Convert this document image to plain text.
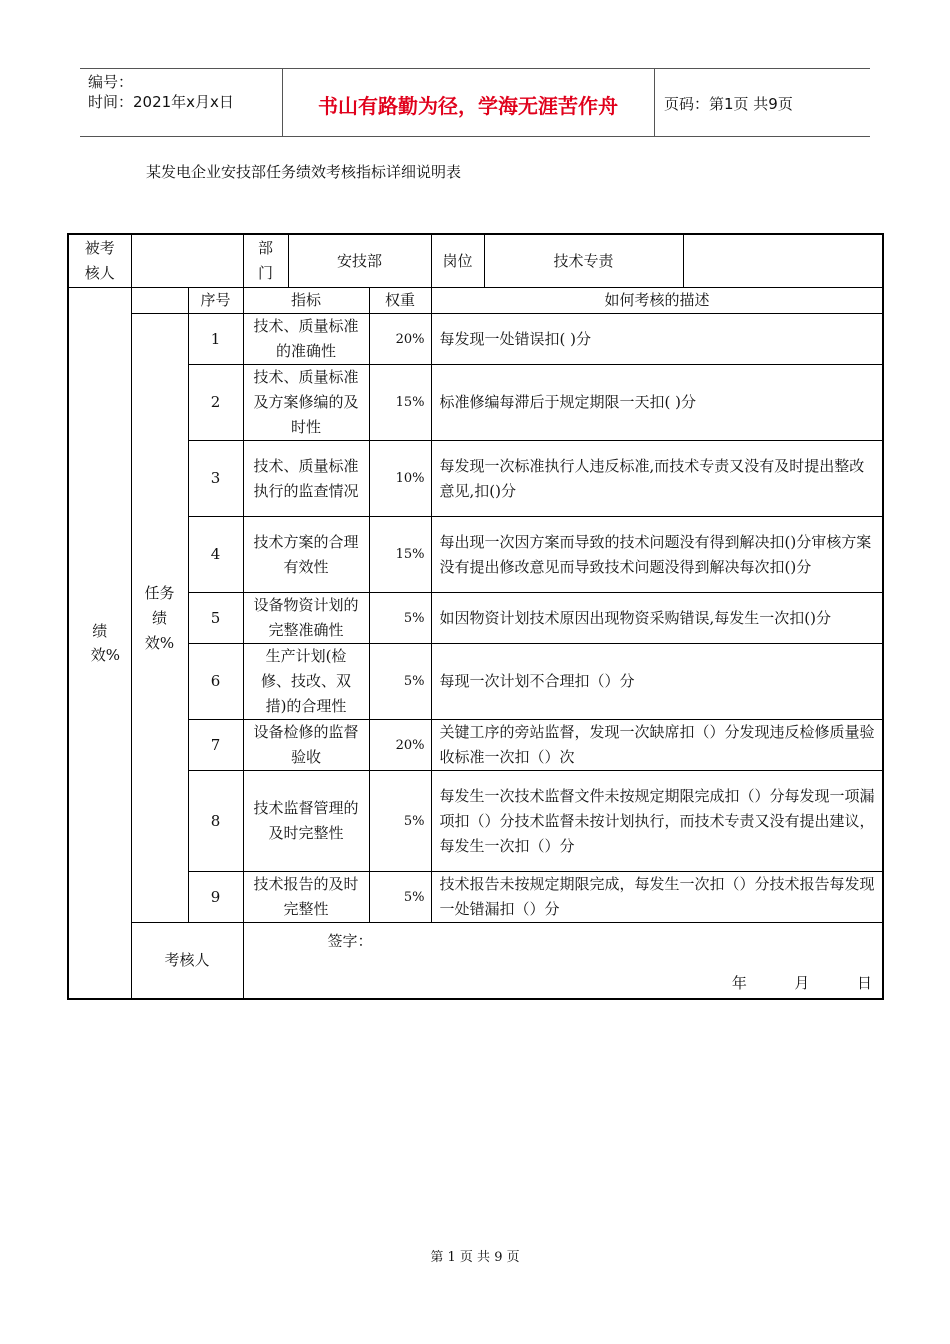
编号：
时间：2021年x月x日	书山有路勤为径，学海无涯苦作舟	页码：第1页 共9页
某发电企业安技部任务绩效考核指标详细说明表
被考核人			部门	安技部		岗位 技术专责	

绩效%		序号	指标		权重	如何考核的描述	

	任务绩效%	1	技术、质量标准的准确性		20%	每发现一处错误扣( )分	
		2	技术、质量标准及方案修编的及时性		15%	标准修编每滞后于规定期限一天扣( )分	
		3	技术、质量标准执行的监查情况		10%	每发现一次标准执行人违反标准,而技术专责又没有及时提出整改意见,扣()分	
		4	技术方案的合理有效性		15%	每出现一次因方案而导致的技术问题没有得到解决扣()分审核方案没有提出修改意见而导致技术问题没得到解决每次扣()分	
		5	设备物资计划的完整准确性		5%	如因物资计划技术原因出现物资采购错误,每发生一次扣()分	
		6	生产计划(检修、技改、双措)的合理性		5%	每现一次计划不合理扣（）分	
		7	设备检修的监督验收		20%	关键工序的旁站监督，发现一次缺席扣（）分发现违反检修质量验收标准一次扣（）次	
		8	技术监督管理的及时完整性		5%	每发生一次技术监督文件未按规定期限完成扣（）分每发现一项漏项扣（）分技术监督未按计划执行，而技术专责又没有提出建议，每发生一次扣（）分	
		9	技术报告的及时完整性		5%	技术报告未按规定期限完成，每发生一次扣（）分技术报告每发现一处错漏扣（）分	
	考核人		签字：
年 月 日				
第 1 页 共 9 页
